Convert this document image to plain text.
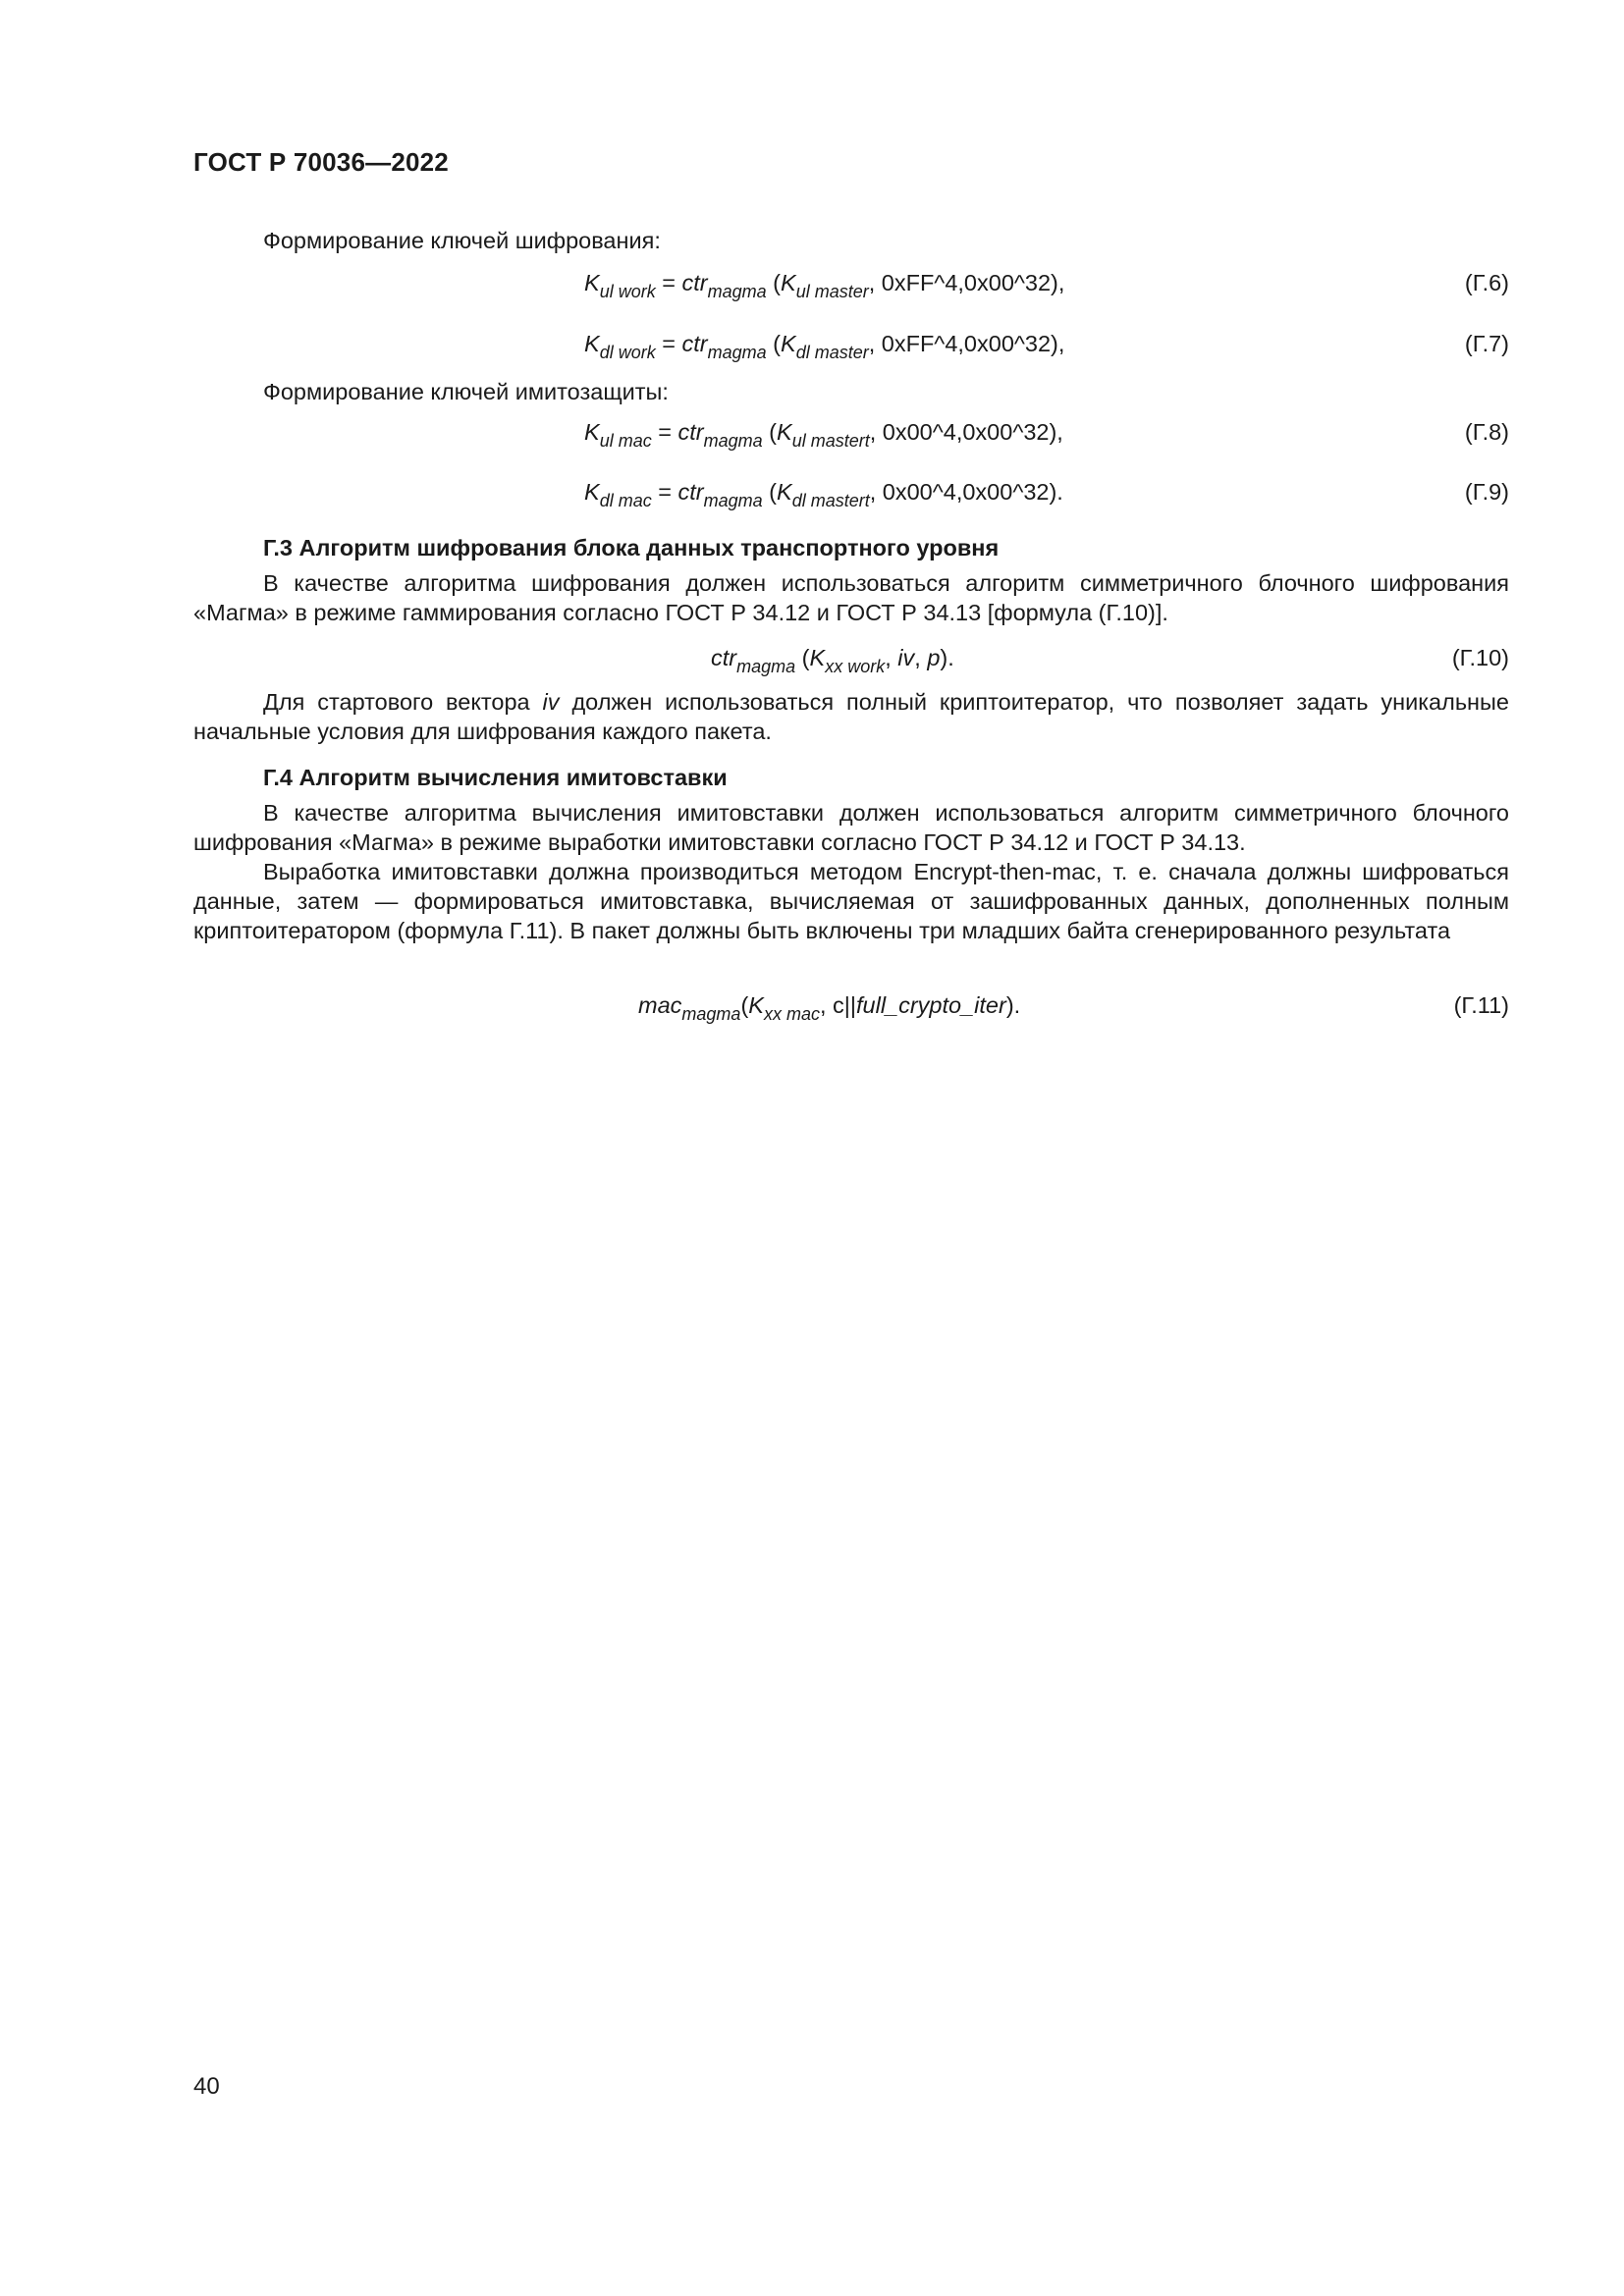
ГОСТ Р 70036—2022
Формирование ключей шифрования:
$K_{ul work} = ctr_{magma}$ ($K_{ul master}$, 0xFF^4,0x00^32),	(Г.6)
$K_{dl work} = ctr_{magma}$ ($K_{dl master}$, 0xFF^4,0x00^32),	(Г.7)
Формирование ключей имитозащиты:
$K_{ul mac} = ctr_{magma}$ ($K_{ul mastert}$, 0x00^4,0x00^32),	(Г.8)
$K_{dl mac} = ctr_{magma}$ ($K_{dl mastert}$, 0x00^4,0x00^32).	(Г.9)
Г.3 Алгоритм шифрования блока данных транспортного уровня
В качестве алгоритма шифрования должен использоваться алгоритм симметричного блочного шифрования «Магма» в режиме гаммирования согласно ГОСТ Р 34.12 и ГОСТ Р 34.13 [формула (Г.10)].
ctr$_{magma}$ ($K_{xx work}$, iv, p).	(Г.10)
Для стартового вектора iv должен использоваться полный криптоитератор, что позволяет задать уникальные начальные условия для шифрования каждого пакета.
Г.4 Алгоритм вычисления имитовставки
В качестве алгоритма вычисления имитовставки должен использоваться алгоритм симметричного блочного шифрования «Магма» в режиме выработки имитовставки согласно ГОСТ Р 34.12 и ГОСТ Р 34.13.
Выработка имитовставки должна производиться методом Encrypt-then-mac, т. е. сначала должны шифроваться данные, затем — формироваться имитовставка, вычисляемая от зашифрованных данных, дополненных полным криптоитератором (формула Г.11). В пакет должны быть включены три младших байта сгенерированного результата
$mac_{magma}(K_{xx mac}$, c||full_crypto_iter).	(Г.11)
40
